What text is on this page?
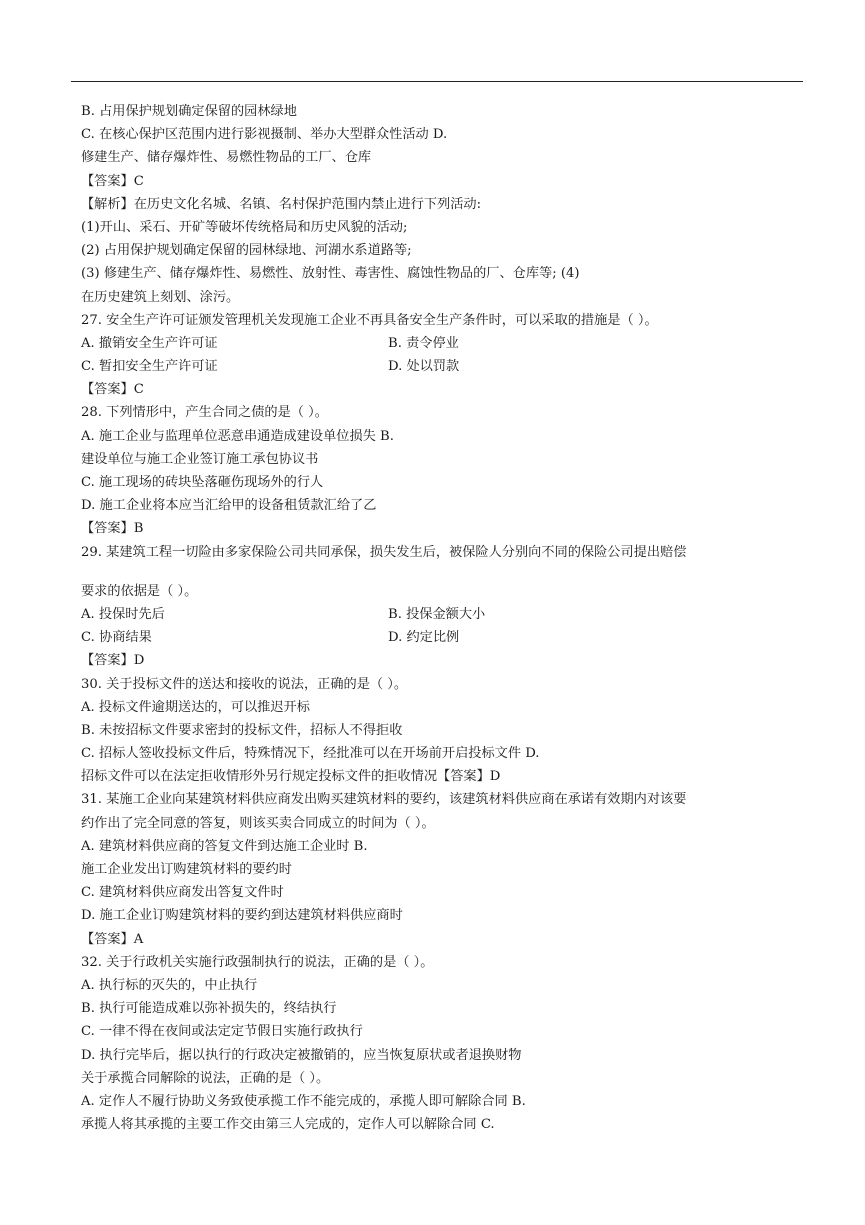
B. 占用保护规划确定保留的园林绿地
C. 在核心保护区范围内进行影视摄制、举办大型群众性活动 D.
修建生产、储存爆炸性、易燃性物品的工厂、仓库
【答案】C
【解析】在历史文化名城、名镇、名村保护范围内禁止进行下列活动:
(1)开山、采石、开矿等破坏传统格局和历史风貌的活动;
(2) 占用保护规划确定保留的园林绿地、河湖水系道路等;
(3) 修建生产、储存爆炸性、易燃性、放射性、毒害性、腐蚀性物品的厂、仓库等; (4)
在历史建筑上刻划、涂污。
27. 安全生产许可证颁发管理机关发现施工企业不再具备安全生产条件时，可以采取的措施是（ ）。
A. 撤销安全生产许可证	B. 责令停业
C. 暂扣安全生产许可证	D. 处以罚款
【答案】C
28. 下列情形中，产生合同之债的是（ ）。
A. 施工企业与监理单位恶意串通造成建设单位损失 B.
建设单位与施工企业签订施工承包协议书
C. 施工现场的砖块坠落砸伤现场外的行人
D. 施工企业将本应当汇给甲的设备租赁款汇给了乙
【答案】B
29. 某建筑工程一切险由多家保险公司共同承保，损失发生后，被保险人分别向不同的保险公司提出赔偿
要求的依据是（ ）。
A. 投保时先后	B. 投保金额大小
C. 协商结果	D. 约定比例
【答案】D
30. 关于投标文件的送达和接收的说法，正确的是（ ）。
A. 投标文件逾期送达的，可以推迟开标
B. 未按招标文件要求密封的投标文件，招标人不得拒收
C. 招标人签收投标文件后，特殊情况下，经批准可以在开场前开启投标文件 D.
招标文件可以在法定拒收情形外另行规定投标文件的拒收情况【答案】D
31. 某施工企业向某建筑材料供应商发出购买建筑材料的要约，该建筑材料供应商在承诺有效期内对该要
约作出了完全同意的答复，则该买卖合同成立的时间为（ ）。
A. 建筑材料供应商的答复文件到达施工企业时 B.
施工企业发出订购建筑材料的要约时
C. 建筑材料供应商发出答复文件时
D. 施工企业订购建筑材料的要约到达建筑材料供应商时
【答案】A
32. 关于行政机关实施行政强制执行的说法，正确的是（ ）。
A. 执行标的灭失的，中止执行
B. 执行可能造成难以弥补损失的，终结执行
C. 一律不得在夜间或法定定节假日实施行政执行
D. 执行完毕后，据以执行的行政决定被撤销的，应当恢复原状或者退换财物
关于承揽合同解除的说法，正确的是（ ）。
A. 定作人不履行协助义务致使承揽工作不能完成的，承揽人即可解除合同 B.
承揽人将其承揽的主要工作交由第三人完成的，定作人可以解除合同 C.
